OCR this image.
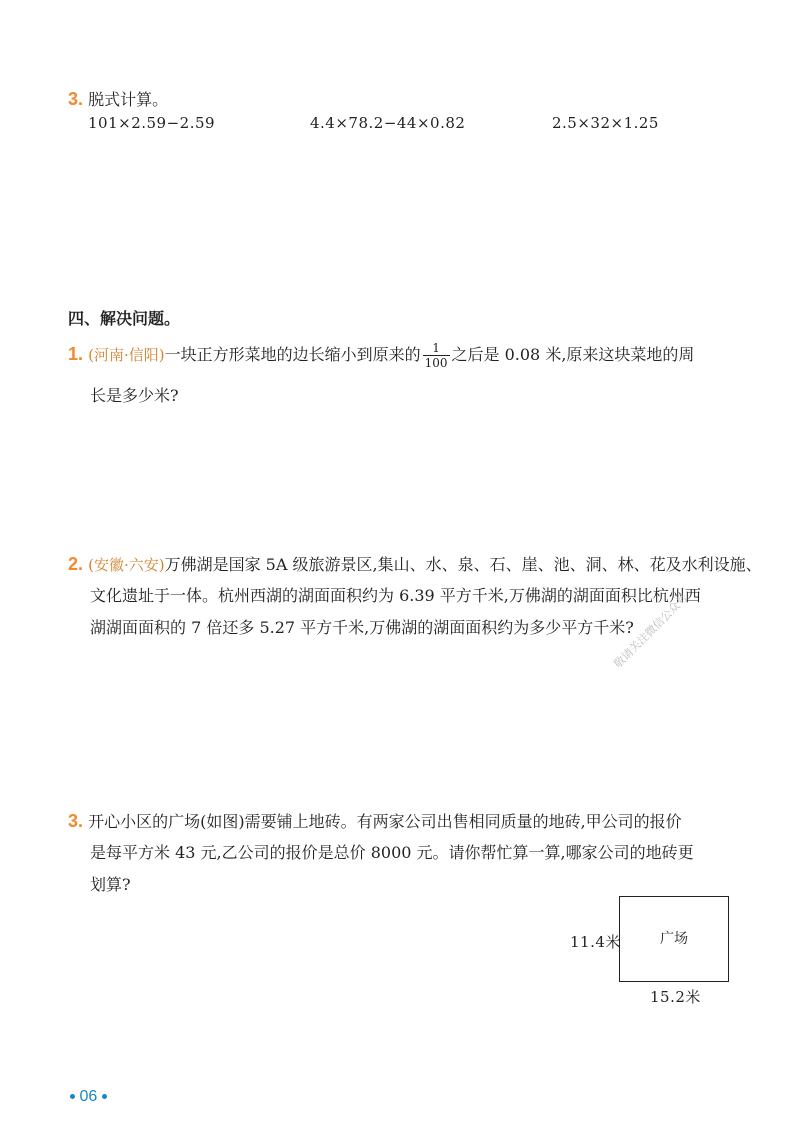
3. 脱式计算。
101×2.59−2.59	4.4×78.2−44×0.82	2.5×32×1.25
四、解决问题。
1. (河南·信阳)一块正方形菜地的边长缩小到原来的 $\frac{1}{100}$ 之后是 0.08 米,原来这块菜地的周
长是多少米?
2. (安徽·六安)万佛湖是国家 5A 级旅游景区,集山、水、泉、石、崖、池、洞、林、花及水利设施、
文化遗址于一体。杭州西湖的湖面面积约为 6.39 平方千米,万佛湖的湖面面积比杭州西
湖湖面面积的 7 倍还多 5.27 平方千米,万佛湖的湖面面积约为多少平方千米?
敬请关注微信公众号
3. 开心小区的广场(如图)需要铺上地砖。有两家公司出售相同质量的地砖,甲公司的报价
是每平方米 43 元,乙公司的报价是总价 8000 元。请你帮忙算一算,哪家公司的地砖更
划算?
广场
11.4米
15.2米
06
